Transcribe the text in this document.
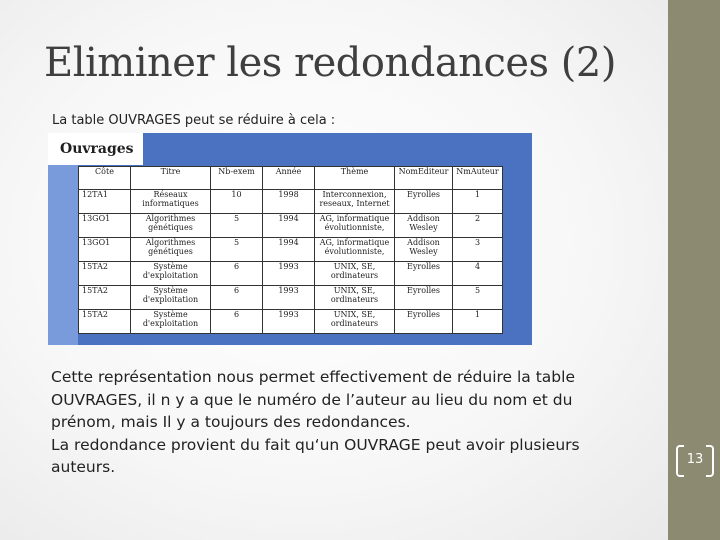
Eliminer les redondances (2)
La table OUVRAGES peut se réduire à cela :
Ouvrages
Côte	Titre	Nb-exem	Année	Thème	NomEditeur	NmAuteur
12TA1	Réseaux informatiques	10	1998	Interconnexion, reseaux, Internet	Eyrolles	1
13GO1	Algorithmes génétiques	5	1994	AG, informatique évolutionniste,	Addison Wesley	2
13GO1	Algorithmes génétiques	5	1994	AG, informatique évolutionniste,	Addison Wesley	3
15TA2	Système d'exploitation	6	1993	UNIX, SE, ordinateurs	Eyrolles	4
15TA2	Système d'exploitation	6	1993	UNIX, SE, ordinateurs	Eyrolles	5
15TA2	Système d'exploitation	6	1993	UNIX, SE, ordinateurs	Eyrolles	1

Cette représentation nous permet effectivement de réduire la table OUVRAGES, il n y a que le numéro de l’auteur au lieu du nom et du prénom, mais Il y a toujours des redondances.

La redondance provient du fait qu‘un OUVRAGE peut avoir plusieurs auteurs.	13
